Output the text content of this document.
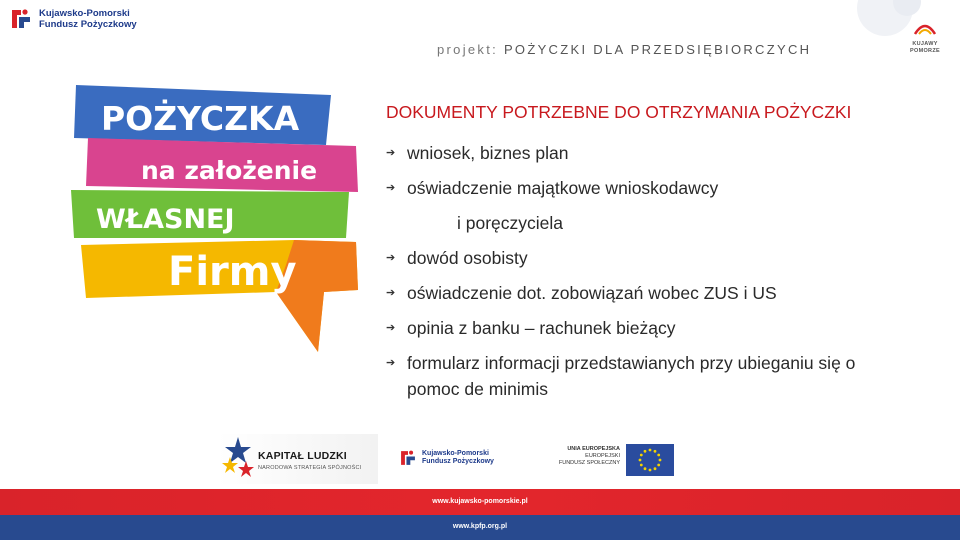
Kujawsko-Pomorski
Fundusz Pożyczkowy
KUJAWY
POMORZE
projekt: POŻYCZKI DLA PRZEDSIĘBIORCZYCH
POŻYCZKA
na założenie
WŁASNEJ
Firmy
DOKUMENTY POTRZEBNE DO OTRZYMANIA POŻYCZKI
➔ wniosek, biznes plan
➔ oświadczenie majątkowe wnioskodawcy
i poręczyciela
➔ dowód osobisty
➔ oświadczenie dot. zobowiązań wobec ZUS i US
➔ opinia z banku – rachunek bieżący
➔ formularz informacji przedstawianych przy ubieganiu się o pomoc de minimis
KAPITAŁ LUDZKI
NARODOWA STRATEGIA SPÓJNOŚCI
Kujawsko-Pomorski
Fundusz Pożyczkowy
UNIA EUROPEJSKA
EUROPEJSKI
FUNDUSZ SPOŁECZNY
www.kujawsko-pomorskie.pl
www.kpfp.org.pl
